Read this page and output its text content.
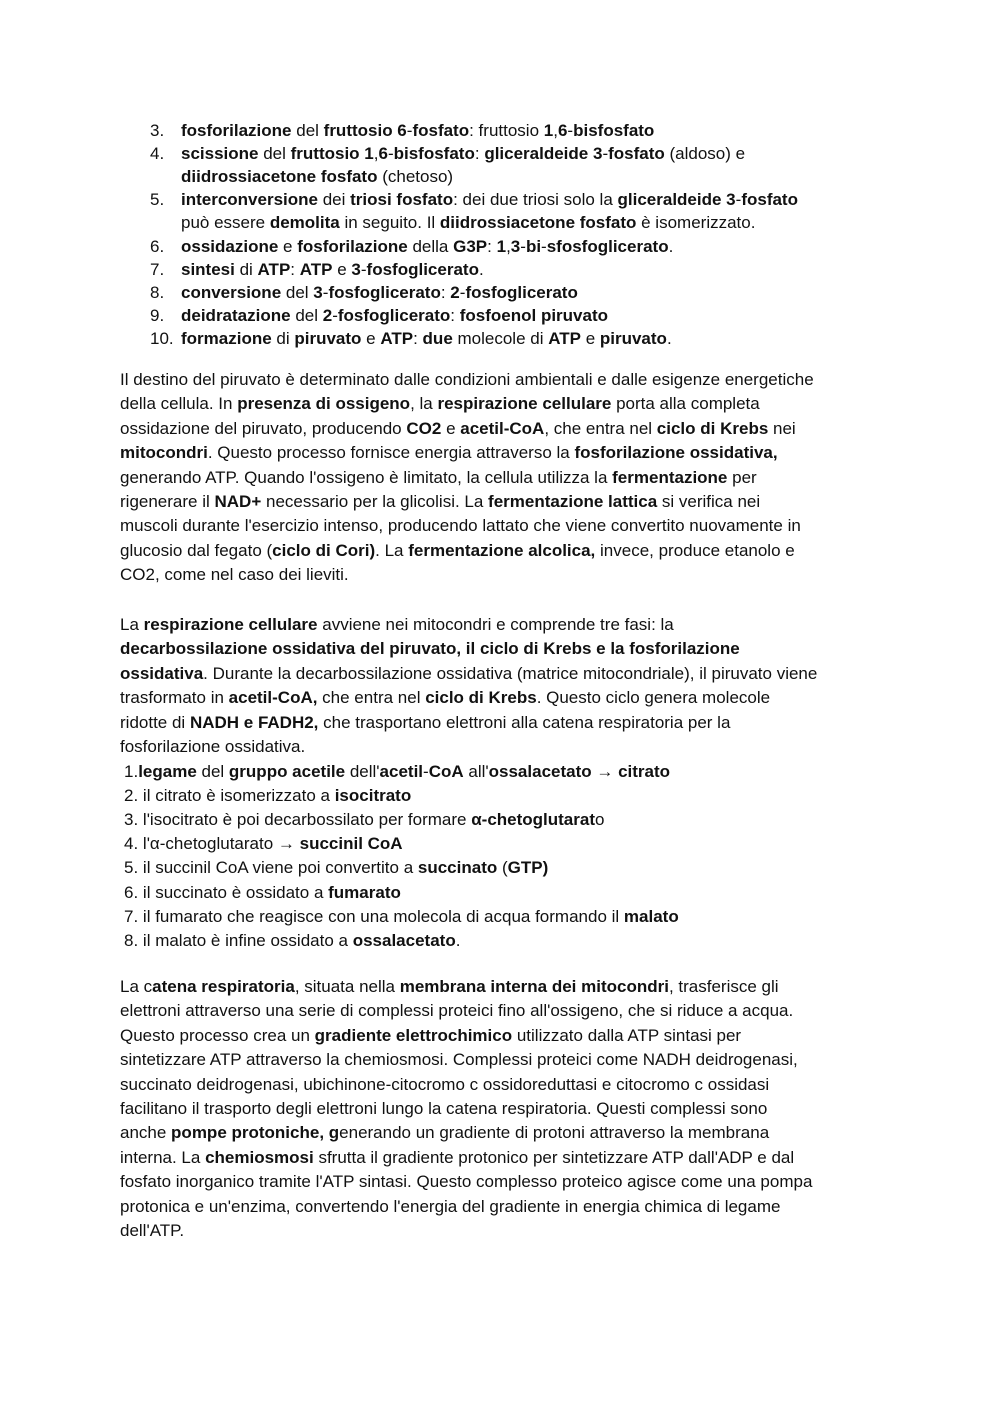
3. fosforilazione del fruttosio 6-fosfato: fruttosio 1,6-bisfosfato
4. scissione del fruttosio 1,6-bisfosfato: gliceraldeide 3-fosfato (aldoso) e
diidrossiacetone fosfato (chetoso)
5. interconversione dei triosi fosfato: dei due triosi solo la gliceraldeide 3-fosfato
può essere demolita in seguito. Il diidrossiacetone fosfato è isomerizzato.
6. ossidazione e fosforilazione della G3P: 1,3-bi-sfosfoglicerato.
7. sintesi di ATP: ATP e 3-fosfoglicerato.
8. conversione del 3-fosfoglicerato: 2-fosfoglicerato
9. deidratazione del 2-fosfoglicerato: fosfoenol piruvato
10. formazione di piruvato e ATP: due molecole di ATP e piruvato.
Il destino del piruvato è determinato dalle condizioni ambientali e dalle esigenze energetiche
della cellula. In presenza di ossigeno, la respirazione cellulare porta alla completa
ossidazione del piruvato, producendo CO2 e acetil-CoA, che entra nel ciclo di Krebs nei
mitocondri. Questo processo fornisce energia attraverso la fosforilazione ossidativa,
generando ATP. Quando l'ossigeno è limitato, la cellula utilizza la fermentazione per
rigenerare il NAD+ necessario per la glicolisi. La fermentazione lattica si verifica nei
muscoli durante l'esercizio intenso, producendo lattato che viene convertito nuovamente in
glucosio dal fegato (ciclo di Cori). La fermentazione alcolica, invece, produce etanolo e
CO2, come nel caso dei lieviti.
La respirazione cellulare avviene nei mitocondri e comprende tre fasi: la
decarbossilazione ossidativa del piruvato, il ciclo di Krebs e la fosforilazione
ossidativa. Durante la decarbossilazione ossidativa (matrice mitocondriale), il piruvato viene
trasformato in acetil-CoA, che entra nel ciclo di Krebs. Questo ciclo genera molecole
ridotte di NADH e FADH2, che trasportano elettroni alla catena respiratoria per la
fosforilazione ossidativa.
1.legame del gruppo acetile dell'acetil-CoA all'ossalacetato → citrato
2. il citrato è isomerizzato a isocitrato
3. l'isocitrato è poi decarbossilato per formare α-chetoglutarato
4. l'α-chetoglutarato → succinil CoA
5. il succinil CoA viene poi convertito a succinato (GTP)
6. il succinato è ossidato a fumarato
7. il fumarato che reagisce con una molecola di acqua formando il malato
8. il malato è infine ossidato a ossalacetato.
La catena respiratoria, situata nella membrana interna dei mitocondri, trasferisce gli
elettroni attraverso una serie di complessi proteici fino all'ossigeno, che si riduce a acqua.
Questo processo crea un gradiente elettrochimico utilizzato dalla ATP sintasi per
sintetizzare ATP attraverso la chemiosmosi. Complessi proteici come NADH deidrogenasi,
succinato deidrogenasi, ubichinone-citocromo c ossidoreduttasi e citocromo c ossidasi
facilitano il trasporto degli elettroni lungo la catena respiratoria. Questi complessi sono
anche pompe protoniche, generando un gradiente di protoni attraverso la membrana
interna. La chemiosmosi sfrutta il gradiente protonico per sintetizzare ATP dall'ADP e dal
fosfato inorganico tramite l'ATP sintasi. Questo complesso proteico agisce come una pompa
protonica e un'enzima, convertendo l'energia del gradiente in energia chimica di legame
dell'ATP.
